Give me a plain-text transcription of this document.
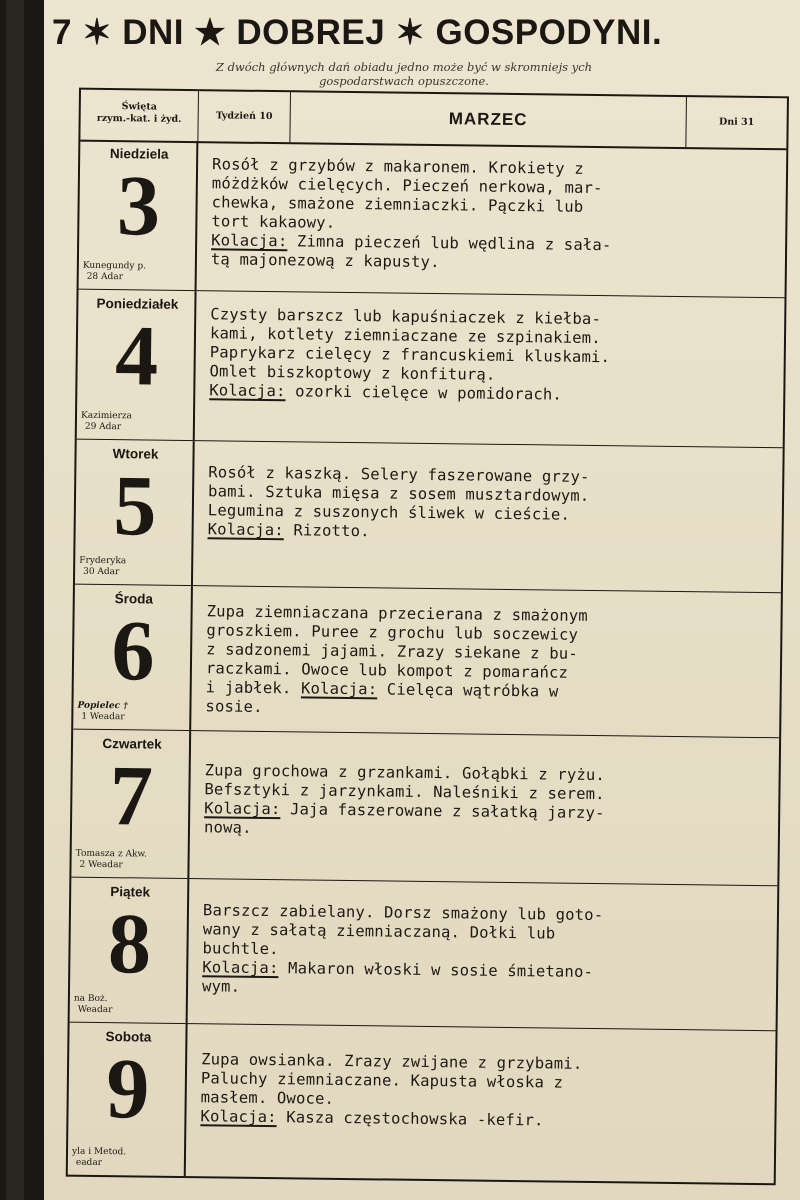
7 ✶ DNI ★ DOBREJ ✶ GOSPODYNI.
Z dwóch głównych dań obiadu jedno może być w skromniejs ych
gospodarstwach opuszczone.
Święta
rzym.-kat. i żyd.	Tydzień 10	MARZEC	Dni 31
Niedziela
3
Kunegundy p.
28 Adar
Rosół z grzybów z makaronem. Krokiety z
móżdżków cielęcych. Pieczeń nerkowa, mar-
chewka, smażone ziemniaczki. Pączki lub
tort kakaowy.
Kolacja: Zimna pieczeń lub wędlina z sała-
tą majonezową z kapusty.
Poniedziałek
4
Kazimierza
29 Adar
Czysty barszcz lub kapuśniaczek z kiełba-
kami, kotlety ziemniaczane ze szpinakiem.
Paprykarz cielęcy z francuskiemi kluskami.
Omlet biszkoptowy z konfiturą.
Kolacja: ozorki cielęce w pomidorach.
Wtorek
5
Fryderyka
30 Adar
Rosół z kaszką. Selery faszerowane grzy-
bami. Sztuka mięsa z sosem musztardowym.
Legumina z suszonych śliwek w cieście.
Kolacja: Rizotto.
Środa
6
Popielec †
1 Weadar
Zupa ziemniaczana przecierana z smażonym
groszkiem. Puree z grochu lub soczewicy
z sadzonemi jajami. Zrazy siekane z bu-
raczkami. Owoce lub kompot z pomarańcz
i jabłek. Kolacja: Cielęca wątróbka w
sosie.
Czwartek
7
Tomasza z Akw.
2 Weadar
Zupa grochowa z grzankami. Gołąbki z ryżu.
Befsztyki z jarzynkami. Naleśniki z serem.
Kolacja: Jaja faszerowane z sałatką jarzy-
nową.
Piątek
8
na Boż.
Weadar
Barszcz zabielany. Dorsz smażony lub goto-
wany z sałatą ziemniaczaną. Dołki lub
buchtle.
Kolacja: Makaron włoski w sosie śmietano-
wym.
Sobota
9
yla i Metod.
eadar
Zupa owsianka. Zrazy zwijane z grzybami.
Paluchy ziemniaczane. Kapusta włoska z
masłem. Owoce.
Kolacja: Kasza częstochowska -kefir.
